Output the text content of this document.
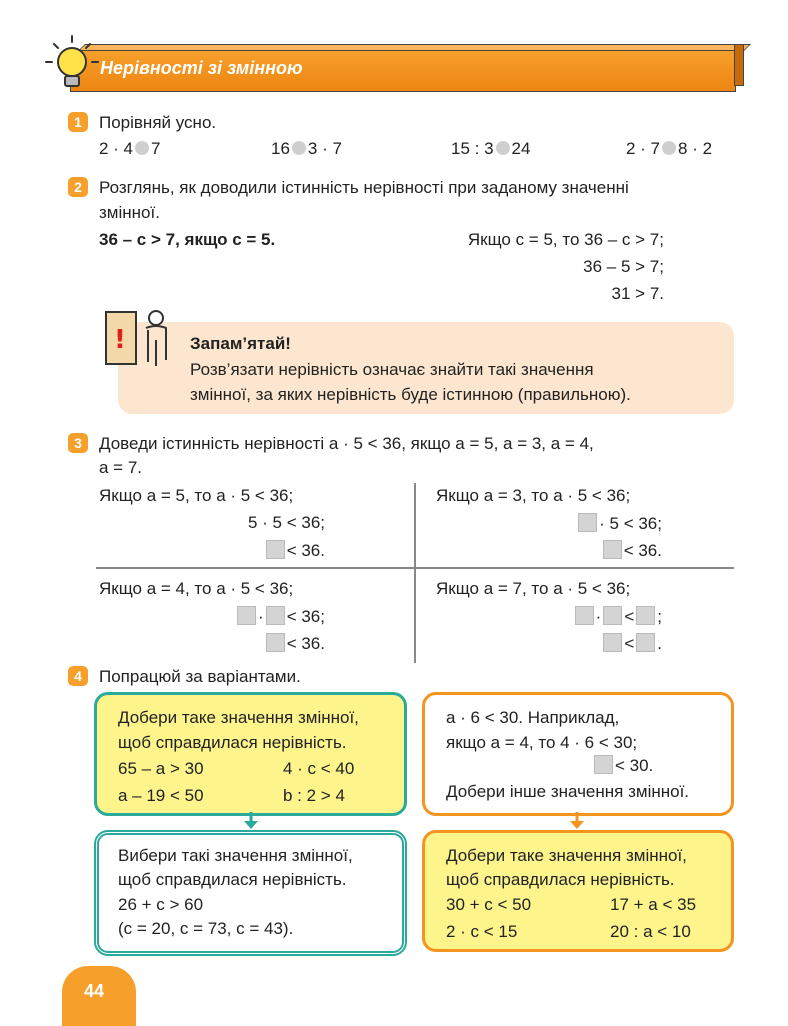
Нерівності зі змінною
1	Порівняй усно.
2 · 4 7	16 3 · 7	15 : 3 24	2 · 7 8 · 2
2	Розглянь, як доводили істинність нерівності при заданому значенні
змінної.
36 – c > 7, якщо c = 5.	Якщо c = 5, то 36 – c > 7;
36 – 5 > 7;
31 > 7.
!	Запам’ятай!
Розв’язати нерівність означає знайти такі значення
змінної, за яких нерівність буде істинною (правильною).
3	Доведи істинність нерівності a · 5 < 36, якщо a = 5, a = 3, a = 4,
a = 7.
Якщо a = 5, то a · 5 < 36;
5 · 5 < 36;
< 36.
Якщо a = 3, то a · 5 < 36;
· 5 < 36;
< 36.
Якщо a = 4, то a · 5 < 36;
· < 36;
< 36.
Якщо a = 7, то a · 5 < 36;
· < ;
< .
4	Попрацюй за варіантами.
Добери таке значення змінної,
щоб справдилася нерівність.
65 – a > 30	4 · c < 40
a – 19 < 50	b : 2 > 4
a · 6 < 30. Наприклад,
якщо a = 4, то 4 · 6 < 30;
< 30.
Добери інше значення змінної.
Вибери такі значення змінної,
щоб справдилася нерівність.
26 + c > 60
(c = 20, c = 73, c = 43).
Добери таке значення змінної,
щоб справдилася нерівність.
30 + c < 50	17 + a < 35
2 · c < 15	20 : a < 10
44
